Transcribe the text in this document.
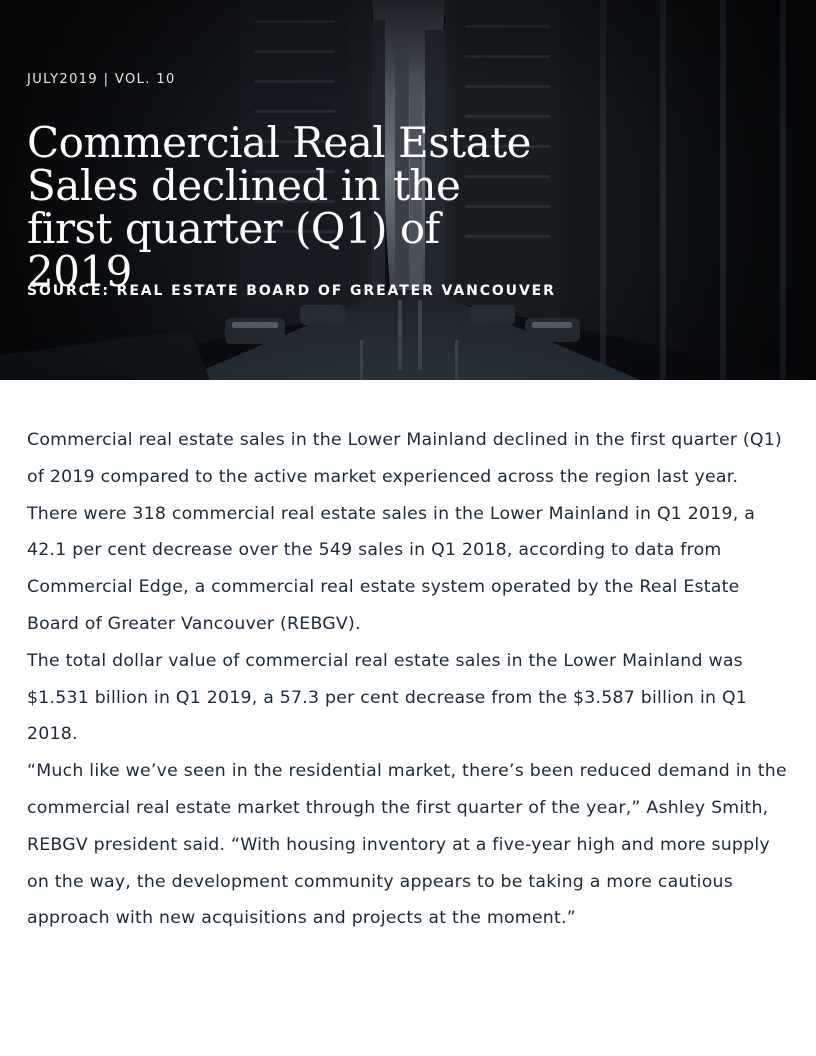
JULY2019 | VOL. 10
Commercial Real Estate Sales declined in the first quarter (Q1) of 2019
SOURCE: REAL ESTATE BOARD OF GREATER VANCOUVER

Commercial real estate sales in the Lower Mainland declined in the first quarter (Q1) of 2019 compared to the active market experienced across the region last year.

There were 318 commercial real estate sales in the Lower Mainland in Q1 2019, a 42.1 per cent decrease over the 549 sales in Q1 2018, according to data from Commercial Edge, a commercial real estate system operated by the Real Estate Board of Greater Vancouver (REBGV).

The total dollar value of commercial real estate sales in the Lower Mainland was $1.531 billion in Q1 2019, a 57.3 per cent decrease from the $3.587 billion in Q1 2018.

“Much like we’ve seen in the residential market, there’s been reduced demand in the commercial real estate market through the first quarter of the year,” Ashley Smith, REBGV president said. “With housing inventory at a five-year high and more supply on the way, the development community appears to be taking a more cautious approach with new acquisitions and projects at the moment.”
